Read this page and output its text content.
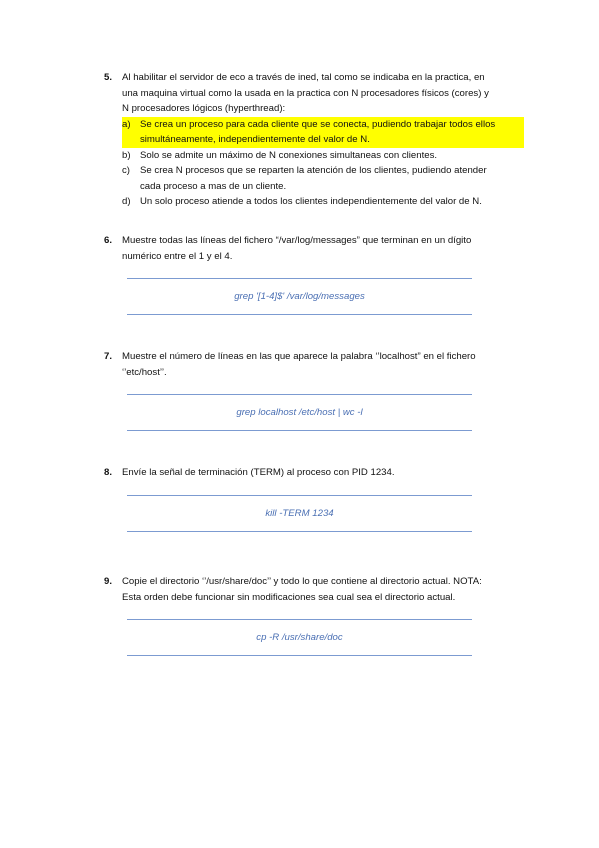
5.	Al habilitar el servidor de eco a través de ined, tal como se indicaba en la practica, en
una maquina virtual como la usada en la practica con N procesadores físicos (cores) y
N procesadores lógicos (hyperthread):
a) Se crea un proceso para cada cliente que se conecta, pudiendo trabajar todos ellos
simultáneamente, independientemente del valor de N.
b) Solo se admite un máximo de N conexiones simultaneas con clientes.
c) Se crea N procesos que se reparten la atención de los clientes, pudiendo atender
cada proceso a mas de un cliente.
d) Un solo proceso atiende a todos los clientes independientemente del valor de N.
6.	Muestre todas las líneas del fichero “/var/log/messages” que terminan en un dígito
numérico entre el 1 y el 4.
grep '[1-4]$' /var/log/messages
7.	Muestre el número de líneas en las que aparece la palabra ‘’localhost” en el fichero
‘’etc/host’’.
grep localhost /etc/host | wc -l
8.	Envíe la señal de terminación (TERM) al proceso con PID 1234.
kill -TERM 1234
9.	Copie el directorio ‘’/usr/share/doc’’ y todo lo que contiene al directorio actual. NOTA:
Esta orden debe funcionar sin modificaciones sea cual sea el directorio actual.
cp -R /usr/share/doc
